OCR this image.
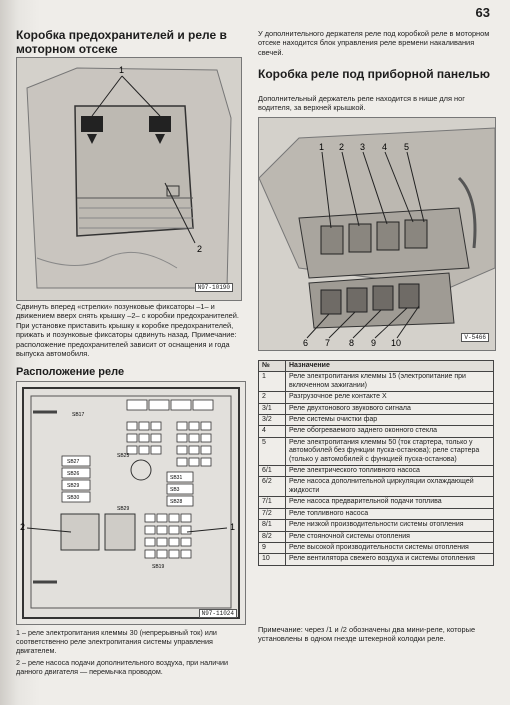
63
Коробка предохранителей и реле в моторном отсеке
1
2
N97-10190
Сдвинуть вперед «стрелки» позунковые фиксаторы –1– и движением вверх снять крышку –2– с коробки предохранителей. При установке приставить крышку к коробке предохранителей, прижать и позунковые фиксаторы сдвинуть назад. Примечание: расположение предохранителей зависит от оснащения и года выпуска автомобиля.
Расположение реле
SB17
SB27
SB26
SB29
SB30
SB31
SB3
SB28
SB25
SB29
SB19
2	1
N97-11024
1 – реле электропитания клеммы 30 (непрерывный ток) или соответственно реле электропитания системы управления двигателем.
2 – реле насоса подачи дополнительного воздуха, при наличии данного двигателя — перемычка проводом.
У дополнительного держателя реле под коробкой реле в моторном отсеке находится блок управления реле времени накаливания свечей.
Коробка реле под приборной панелью
Дополнительный держатель реле находится в нише для ног водителя, за верхней крышкой.
1 2 3 4 5
6 7 8 9 10
V-5466
№	Назначение
1	Реле электропитания клеммы 15 (электропитание при включенном зажигании)
2	Разгрузочное реле контакте X
3/1	Реле двухтонового звукового сигнала
3/2	Реле системы очистки фар
4	Реле обогреваемого заднего оконного стекла
5	Реле электропитания клеммы 50 (ток стартера, только у автомобилей без функции пуска-останова); реле стартера (только у автомобилей с функцией пуска-останова)
6/1	Реле электрического топливного насоса
6/2	Реле насоса дополнительной циркуляции охлаждающей жидкости
7/1	Реле насоса предварительной подачи топлива
7/2	Реле топливного насоса
8/1	Реле низкой производительности системы отопления
8/2	Реле стояночной системы отопления
9	Реле высокой производительности системы отопления
10	Реле вентилятора свежего воздуха и системы отопления
Примечание: через /1 и /2 обозначены два мини-реле, которые установлены в одном гнезде штекерной колодки реле.
